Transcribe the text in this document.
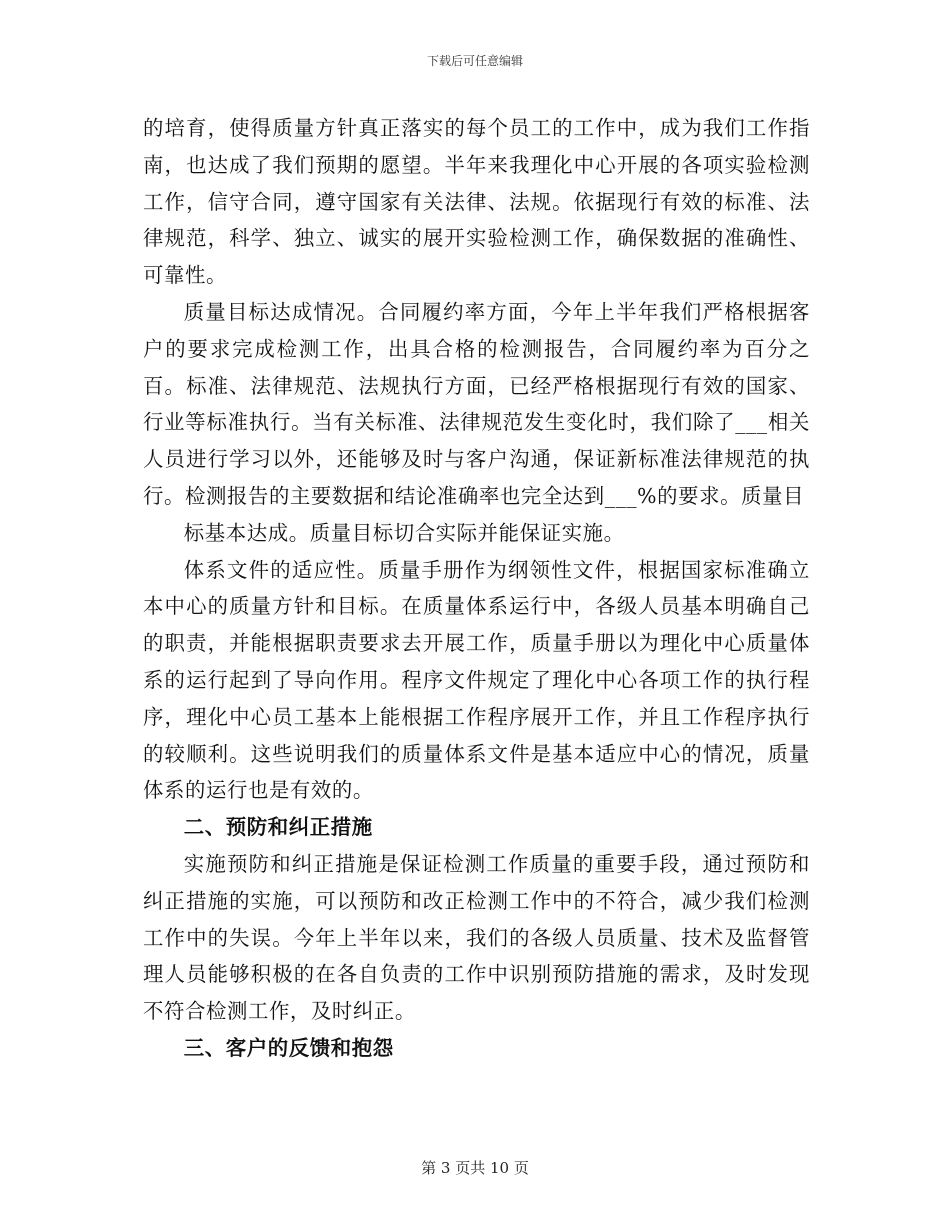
下载后可任意编辑

的培育，使得质量方针真正落实的每个员工的工作中，成为我们工作指南，也达成了我们预期的愿望。半年来我理化中心开展的各项实验检测工作，信守合同，遵守国家有关法律、法规。依据现行有效的标准、法律规范，科学、独立、诚实的展开实验检测工作，确保数据的准确性、可靠性。

质量目标达成情况。合同履约率方面，今年上半年我们严格根据客户的要求完成检测工作，出具合格的检测报告，合同履约率为百分之百。标准、法律规范、法规执行方面，已经严格根据现行有效的国家、行业等标准执行。当有关标准、法律规范发生变化时，我们除了___相关人员进行学习以外，还能够及时与客户沟通，保证新标准法律规范的执行。检测报告的主要数据和结论准确率也完全达到___%的要求。质量目

标基本达成。质量目标切合实际并能保证实施。

体系文件的适应性。质量手册作为纲领性文件，根据国家标准确立本中心的质量方针和目标。在质量体系运行中，各级人员基本明确自己的职责，并能根据职责要求去开展工作，质量手册以为理化中心质量体系的运行起到了导向作用。程序文件规定了理化中心各项工作的执行程序，理化中心员工基本上能根据工作程序展开工作，并且工作程序执行的较顺利。这些说明我们的质量体系文件是基本适应中心的情况，质量体系的运行也是有效的。

二、预防和纠正措施

实施预防和纠正措施是保证检测工作质量的重要手段，通过预防和纠正措施的实施，可以预防和改正检测工作中的不符合，减少我们检测工作中的失误。今年上半年以来，我们的各级人员质量、技术及监督管理人员能够积极的在各自负责的工作中识别预防措施的需求，及时发现不符合检测工作，及时纠正。

三、客户的反馈和抱怨

第 3 页共 10 页
